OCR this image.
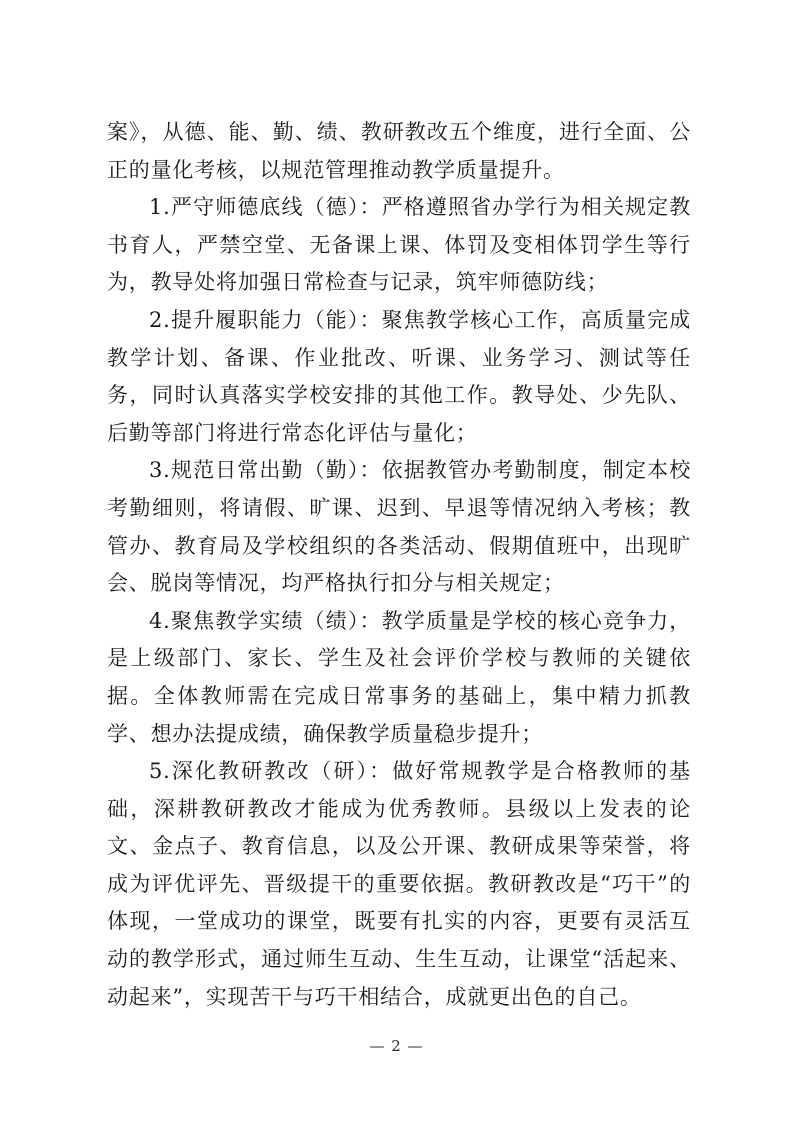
案》，从德、能、勤、绩、教研教改五个维度，进行全面、公正的量化考核，以规范管理推动教学质量提升。

1.严守师德底线（德）：严格遵照省办学行为相关规定教书育人，严禁空堂、无备课上课、体罚及变相体罚学生等行为，教导处将加强日常检查与记录，筑牢师德防线；

2.提升履职能力（能）：聚焦教学核心工作，高质量完成教学计划、备课、作业批改、听课、业务学习、测试等任务，同时认真落实学校安排的其他工作。教导处、少先队、后勤等部门将进行常态化评估与量化；

3.规范日常出勤（勤）：依据教管办考勤制度，制定本校考勤细则，将请假、旷课、迟到、早退等情况纳入考核；教管办、教育局及学校组织的各类活动、假期值班中，出现旷会、脱岗等情况，均严格执行扣分与相关规定；

4.聚焦教学实绩（绩）：教学质量是学校的核心竞争力，是上级部门、家长、学生及社会评价学校与教师的关键依据。全体教师需在完成日常事务的基础上，集中精力抓教学、想办法提成绩，确保教学质量稳步提升；

5.深化教研教改（研）：做好常规教学是合格教师的基础，深耕教研教改才能成为优秀教师。县级以上发表的论文、金点子、教育信息，以及公开课、教研成果等荣誉，将成为评优评先、晋级提干的重要依据。教研教改是“巧干”的体现，一堂成功的课堂，既要有扎实的内容，更要有灵活互动的教学形式，通过师生互动、生生互动，让课堂“活起来、动起来”，实现苦干与巧干相结合，成就更出色的自己。

— 2 —
